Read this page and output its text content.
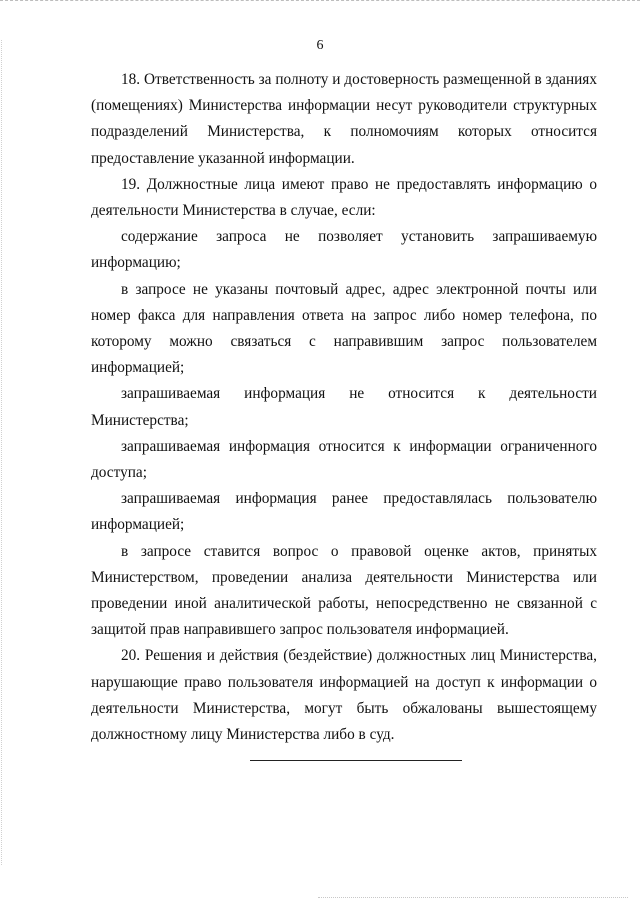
6

18. Ответственность за полноту и достоверность размещенной в зданиях (помещениях) Министерства информации несут руководители структурных подразделений Министерства, к полномочиям которых относится предоставление указанной информации.

19. Должностные лица имеют право не предоставлять информацию о деятельности Министерства в случае, если:

содержание запроса не позволяет установить запрашиваемую информацию;

в запросе не указаны почтовый адрес, адрес электронной почты или номер факса для направления ответа на запрос либо номер телефона, по которому можно связаться с направившим запрос пользователем информацией;

запрашиваемая информация не относится к деятельности Министерства;

запрашиваемая информация относится к информации ограниченного доступа;

запрашиваемая информация ранее предоставлялась пользователю информацией;

в запросе ставится вопрос о правовой оценке актов, принятых Министерством, проведении анализа деятельности Министерства или проведении иной аналитической работы, непосредственно не связанной с защитой прав направившего запрос пользователя информацией.

20. Решения и действия (бездействие) должностных лиц Министерства, нарушающие право пользователя информацией на доступ к информации о деятельности Министерства, могут быть обжалованы вышестоящему должностному лицу Министерства либо в суд.
